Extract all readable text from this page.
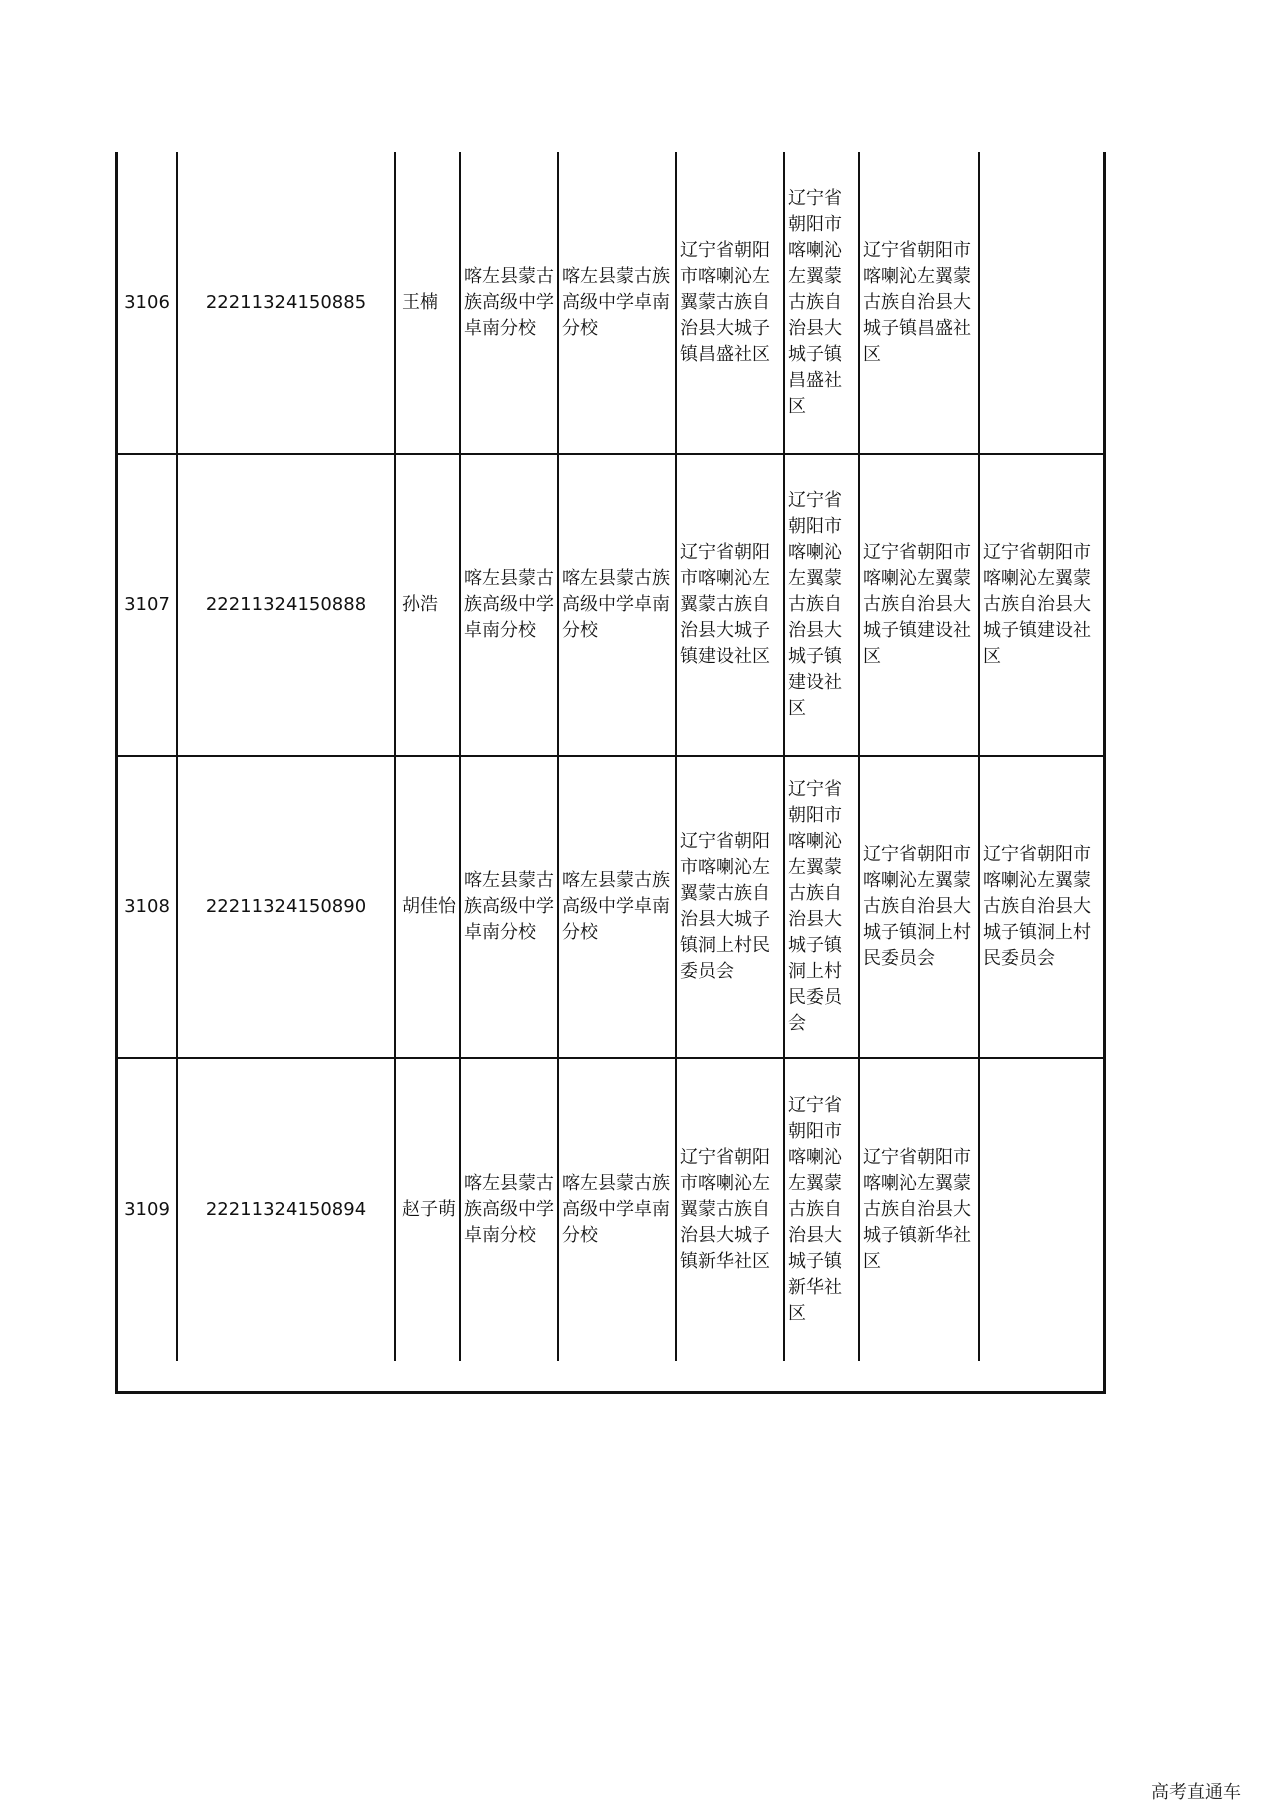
3106	22211324150885	王楠	喀左县蒙古族高级中学卓南分校	喀左县蒙古族高级中学卓南分校	辽宁省朝阳市喀喇沁左翼蒙古族自治县大城子镇昌盛社区	辽宁省朝阳市喀喇沁左翼蒙古族自治县大城子镇昌盛社区	辽宁省朝阳市喀喇沁左翼蒙古族自治县大城子镇昌盛社区	
3107	22211324150888	孙浩	喀左县蒙古族高级中学卓南分校	喀左县蒙古族高级中学卓南分校	辽宁省朝阳市喀喇沁左翼蒙古族自治县大城子镇建设社区	辽宁省朝阳市喀喇沁左翼蒙古族自治县大城子镇建设社区	辽宁省朝阳市喀喇沁左翼蒙古族自治县大城子镇建设社区	辽宁省朝阳市喀喇沁左翼蒙古族自治县大城子镇建设社区
3108	22211324150890	胡佳怡	喀左县蒙古族高级中学卓南分校	喀左县蒙古族高级中学卓南分校	辽宁省朝阳市喀喇沁左翼蒙古族自治县大城子镇洞上村民委员会	辽宁省朝阳市喀喇沁左翼蒙古族自治县大城子镇洞上村民委员会	辽宁省朝阳市喀喇沁左翼蒙古族自治县大城子镇洞上村民委员会	辽宁省朝阳市喀喇沁左翼蒙古族自治县大城子镇洞上村民委员会
3109	22211324150894	赵子萌	喀左县蒙古族高级中学卓南分校	喀左县蒙古族高级中学卓南分校	辽宁省朝阳市喀喇沁左翼蒙古族自治县大城子镇新华社区	辽宁省朝阳市喀喇沁左翼蒙古族自治县大城子镇新华社区	辽宁省朝阳市喀喇沁左翼蒙古族自治县大城子镇新华社区	
高考直通车
